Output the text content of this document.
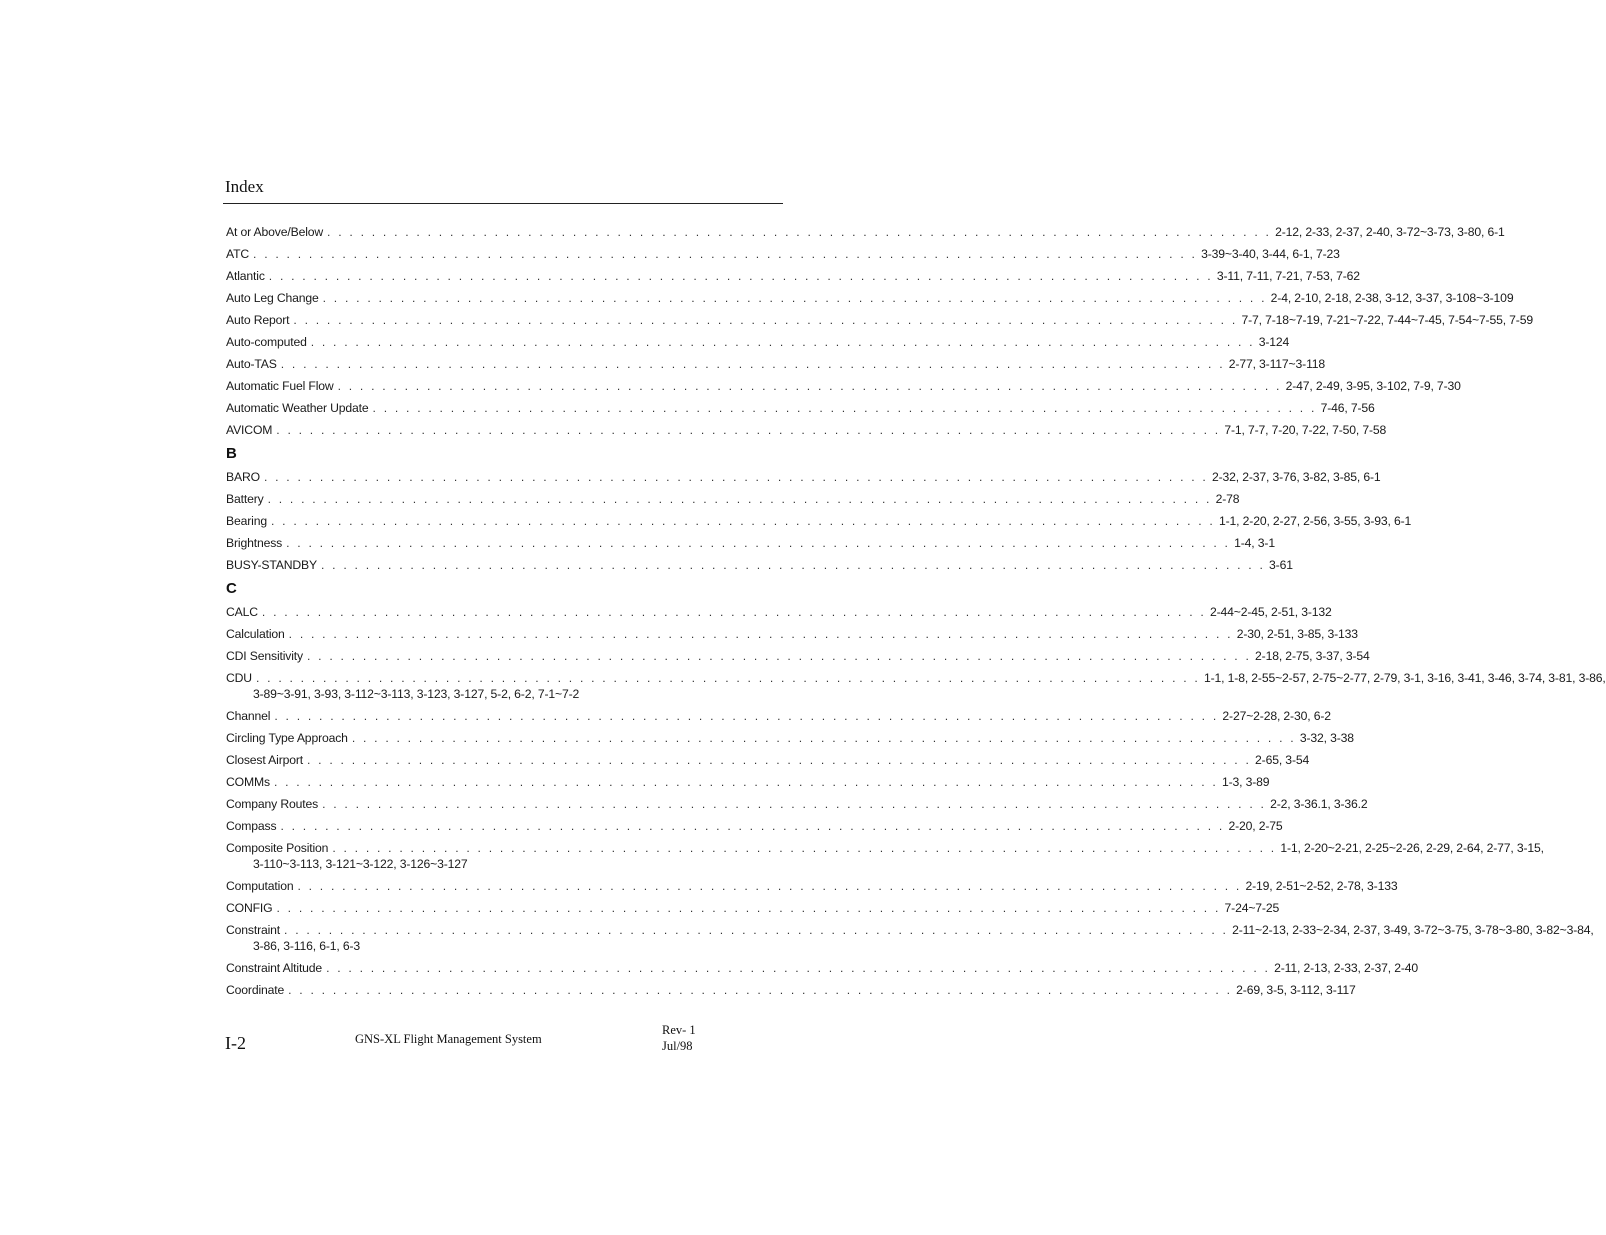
Index
At or Above/Below . . . . . . . . . . . . . . . . . . . . . . . . . . . . . . . . . . . . . . . . . . . . . . . . . . . . . . . . . . . . . . . . . . . . . . . . . . . . . . . . . . . . . 2-12, 2-33, 2-37, 2-40, 3-72~3-73, 3-80, 6-1
ATC . . . . . . . . . . . . . . . . . . . . . . . . . . . . . . . . . . . . . . . . . . . . . . . . . . . . . . . . . . . . . . . . . . . . . . . . . . . . . . . . . . . . . 3-39~3-40, 3-44, 6-1, 7-23
Atlantic . . . . . . . . . . . . . . . . . . . . . . . . . . . . . . . . . . . . . . . . . . . . . . . . . . . . . . . . . . . . . . . . . . . . . . . . . . . . . . . . . . . . . 3-11, 7-11, 7-21, 7-53, 7-62
Auto Leg Change . . . . . . . . . . . . . . . . . . . . . . . . . . . . . . . . . . . . . . . . . . . . . . . . . . . . . . . . . . . . . . . . . . . . . . . . . . . . . . . . . . . . . 2-4, 2-10, 2-18, 2-38, 3-12, 3-37, 3-108~3-109
Auto Report . . . . . . . . . . . . . . . . . . . . . . . . . . . . . . . . . . . . . . . . . . . . . . . . . . . . . . . . . . . . . . . . . . . . . . . . . . . . . . . . . . . . . 7-7, 7-18~7-19, 7-21~7-22, 7-44~7-45, 7-54~7-55, 7-59
Auto-computed . . . . . . . . . . . . . . . . . . . . . . . . . . . . . . . . . . . . . . . . . . . . . . . . . . . . . . . . . . . . . . . . . . . . . . . . . . . . . . . . . . . . . 3-124
Auto-TAS . . . . . . . . . . . . . . . . . . . . . . . . . . . . . . . . . . . . . . . . . . . . . . . . . . . . . . . . . . . . . . . . . . . . . . . . . . . . . . . . . . . . . 2-77, 3-117~3-118
Automatic Fuel Flow . . . . . . . . . . . . . . . . . . . . . . . . . . . . . . . . . . . . . . . . . . . . . . . . . . . . . . . . . . . . . . . . . . . . . . . . . . . . . . . . . . . . . 2-47, 2-49, 3-95, 3-102, 7-9, 7-30
Automatic Weather Update . . . . . . . . . . . . . . . . . . . . . . . . . . . . . . . . . . . . . . . . . . . . . . . . . . . . . . . . . . . . . . . . . . . . . . . . . . . . . . . . . . . . . 7-46, 7-56
AVICOM . . . . . . . . . . . . . . . . . . . . . . . . . . . . . . . . . . . . . . . . . . . . . . . . . . . . . . . . . . . . . . . . . . . . . . . . . . . . . . . . . . . . . 7-1, 7-7, 7-20, 7-22, 7-50, 7-58
B
BARO . . . . . . . . . . . . . . . . . . . . . . . . . . . . . . . . . . . . . . . . . . . . . . . . . . . . . . . . . . . . . . . . . . . . . . . . . . . . . . . . . . . . . 2-32, 2-37, 3-76, 3-82, 3-85, 6-1
Battery . . . . . . . . . . . . . . . . . . . . . . . . . . . . . . . . . . . . . . . . . . . . . . . . . . . . . . . . . . . . . . . . . . . . . . . . . . . . . . . . . . . . . 2-78
Bearing . . . . . . . . . . . . . . . . . . . . . . . . . . . . . . . . . . . . . . . . . . . . . . . . . . . . . . . . . . . . . . . . . . . . . . . . . . . . . . . . . . . . . 1-1, 2-20, 2-27, 2-56, 3-55, 3-93, 6-1
Brightness . . . . . . . . . . . . . . . . . . . . . . . . . . . . . . . . . . . . . . . . . . . . . . . . . . . . . . . . . . . . . . . . . . . . . . . . . . . . . . . . . . . . . 1-4, 3-1
BUSY-STANDBY . . . . . . . . . . . . . . . . . . . . . . . . . . . . . . . . . . . . . . . . . . . . . . . . . . . . . . . . . . . . . . . . . . . . . . . . . . . . . . . . . . . . . 3-61
C
CALC . . . . . . . . . . . . . . . . . . . . . . . . . . . . . . . . . . . . . . . . . . . . . . . . . . . . . . . . . . . . . . . . . . . . . . . . . . . . . . . . . . . . . 2-44~2-45, 2-51, 3-132
Calculation . . . . . . . . . . . . . . . . . . . . . . . . . . . . . . . . . . . . . . . . . . . . . . . . . . . . . . . . . . . . . . . . . . . . . . . . . . . . . . . . . . . . . 2-30, 2-51, 3-85, 3-133
CDI Sensitivity . . . . . . . . . . . . . . . . . . . . . . . . . . . . . . . . . . . . . . . . . . . . . . . . . . . . . . . . . . . . . . . . . . . . . . . . . . . . . . . . . . . . . 2-18, 2-75, 3-37, 3-54
CDU . . . . . . . . . . . . . . . . . . . . . . . . . . . . . . . . . . . . . . . . . . . . . . . . . . . . . . . . . . . . . . . . . . . . . . . . . . . . . . . . . . . . . 1-1, 1-8, 2-55~2-57, 2-75~2-77, 2-79, 3-1, 3-16, 3-41, 3-46, 3-74, 3-81, 3-86,
3-89~3-91, 3-93, 3-112~3-113, 3-123, 3-127, 5-2, 6-2, 7-1~7-2
Channel . . . . . . . . . . . . . . . . . . . . . . . . . . . . . . . . . . . . . . . . . . . . . . . . . . . . . . . . . . . . . . . . . . . . . . . . . . . . . . . . . . . . . 2-27~2-28, 2-30, 6-2
Circling Type Approach . . . . . . . . . . . . . . . . . . . . . . . . . . . . . . . . . . . . . . . . . . . . . . . . . . . . . . . . . . . . . . . . . . . . . . . . . . . . . . . . . . . . . 3-32, 3-38
Closest Airport . . . . . . . . . . . . . . . . . . . . . . . . . . . . . . . . . . . . . . . . . . . . . . . . . . . . . . . . . . . . . . . . . . . . . . . . . . . . . . . . . . . . . 2-65, 3-54
COMMs . . . . . . . . . . . . . . . . . . . . . . . . . . . . . . . . . . . . . . . . . . . . . . . . . . . . . . . . . . . . . . . . . . . . . . . . . . . . . . . . . . . . . 1-3, 3-89
Company Routes . . . . . . . . . . . . . . . . . . . . . . . . . . . . . . . . . . . . . . . . . . . . . . . . . . . . . . . . . . . . . . . . . . . . . . . . . . . . . . . . . . . . . 2-2, 3-36.1, 3-36.2
Compass . . . . . . . . . . . . . . . . . . . . . . . . . . . . . . . . . . . . . . . . . . . . . . . . . . . . . . . . . . . . . . . . . . . . . . . . . . . . . . . . . . . . . 2-20, 2-75
Composite Position . . . . . . . . . . . . . . . . . . . . . . . . . . . . . . . . . . . . . . . . . . . . . . . . . . . . . . . . . . . . . . . . . . . . . . . . . . . . . . . . . . . . . 1-1, 2-20~2-21, 2-25~2-26, 2-29, 2-64, 2-77, 3-15,
3-110~3-113, 3-121~3-122, 3-126~3-127
Computation . . . . . . . . . . . . . . . . . . . . . . . . . . . . . . . . . . . . . . . . . . . . . . . . . . . . . . . . . . . . . . . . . . . . . . . . . . . . . . . . . . . . . 2-19, 2-51~2-52, 2-78, 3-133
CONFIG . . . . . . . . . . . . . . . . . . . . . . . . . . . . . . . . . . . . . . . . . . . . . . . . . . . . . . . . . . . . . . . . . . . . . . . . . . . . . . . . . . . . . 7-24~7-25
Constraint . . . . . . . . . . . . . . . . . . . . . . . . . . . . . . . . . . . . . . . . . . . . . . . . . . . . . . . . . . . . . . . . . . . . . . . . . . . . . . . . . . . . . 2-11~2-13, 2-33~2-34, 2-37, 3-49, 3-72~3-75, 3-78~3-80, 3-82~3-84,
3-86, 3-116, 6-1, 6-3
Constraint Altitude . . . . . . . . . . . . . . . . . . . . . . . . . . . . . . . . . . . . . . . . . . . . . . . . . . . . . . . . . . . . . . . . . . . . . . . . . . . . . . . . . . . . . 2-11, 2-13, 2-33, 2-37, 2-40
Coordinate . . . . . . . . . . . . . . . . . . . . . . . . . . . . . . . . . . . . . . . . . . . . . . . . . . . . . . . . . . . . . . . . . . . . . . . . . . . . . . . . . . . . . 2-69, 3-5, 3-112, 3-117
I-2	GNS-XL Flight Management System
Rev- 1
Jul/98
